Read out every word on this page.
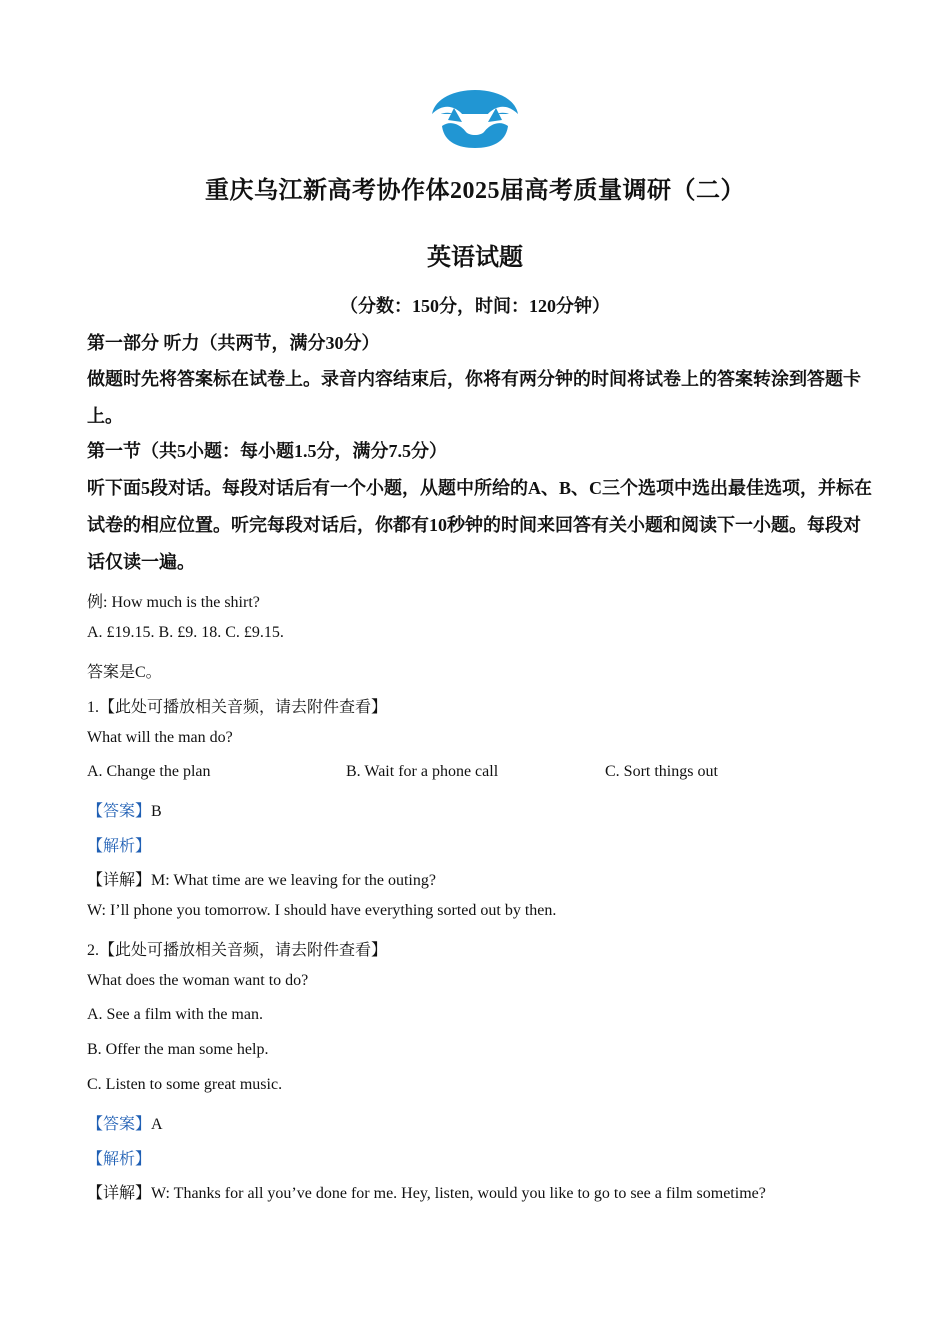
重庆乌江新高考协作体2025届高考质量调研（二）
英语试题
（分数：150分，时间：120分钟）
第一部分 听力（共两节，满分30分）
做题时先将答案标在试卷上。录音内容结束后，你将有两分钟的时间将试卷上的答案转涂到答题卡上。
第一节（共5小题：每小题1.5分，满分7.5分）
听下面5段对话。每段对话后有一个小题，从题中所给的A、B、C三个选项中选出最佳选项，并标在试卷的相应位置。听完每段对话后，你都有10秒钟的时间来回答有关小题和阅读下一小题。每段对话仅读一遍。
例: How much is the shirt?
A. £19.15. B. £9. 18. C. £9.15.
答案是C。
1.【此处可播放相关音频，请去附件查看】
What will the man do?
A. Change the plan	B. Wait for a phone call	C. Sort things out
【答案】B
【解析】
【详解】M: What time are we leaving for the outing?
W: I’ll phone you tomorrow. I should have everything sorted out by then.
2.【此处可播放相关音频，请去附件查看】
What does the woman want to do?
A. See a film with the man.
B. Offer the man some help.
C. Listen to some great music.
【答案】A
【解析】
【详解】W: Thanks for all you’ve done for me. Hey, listen, would you like to go to see a film sometime?
